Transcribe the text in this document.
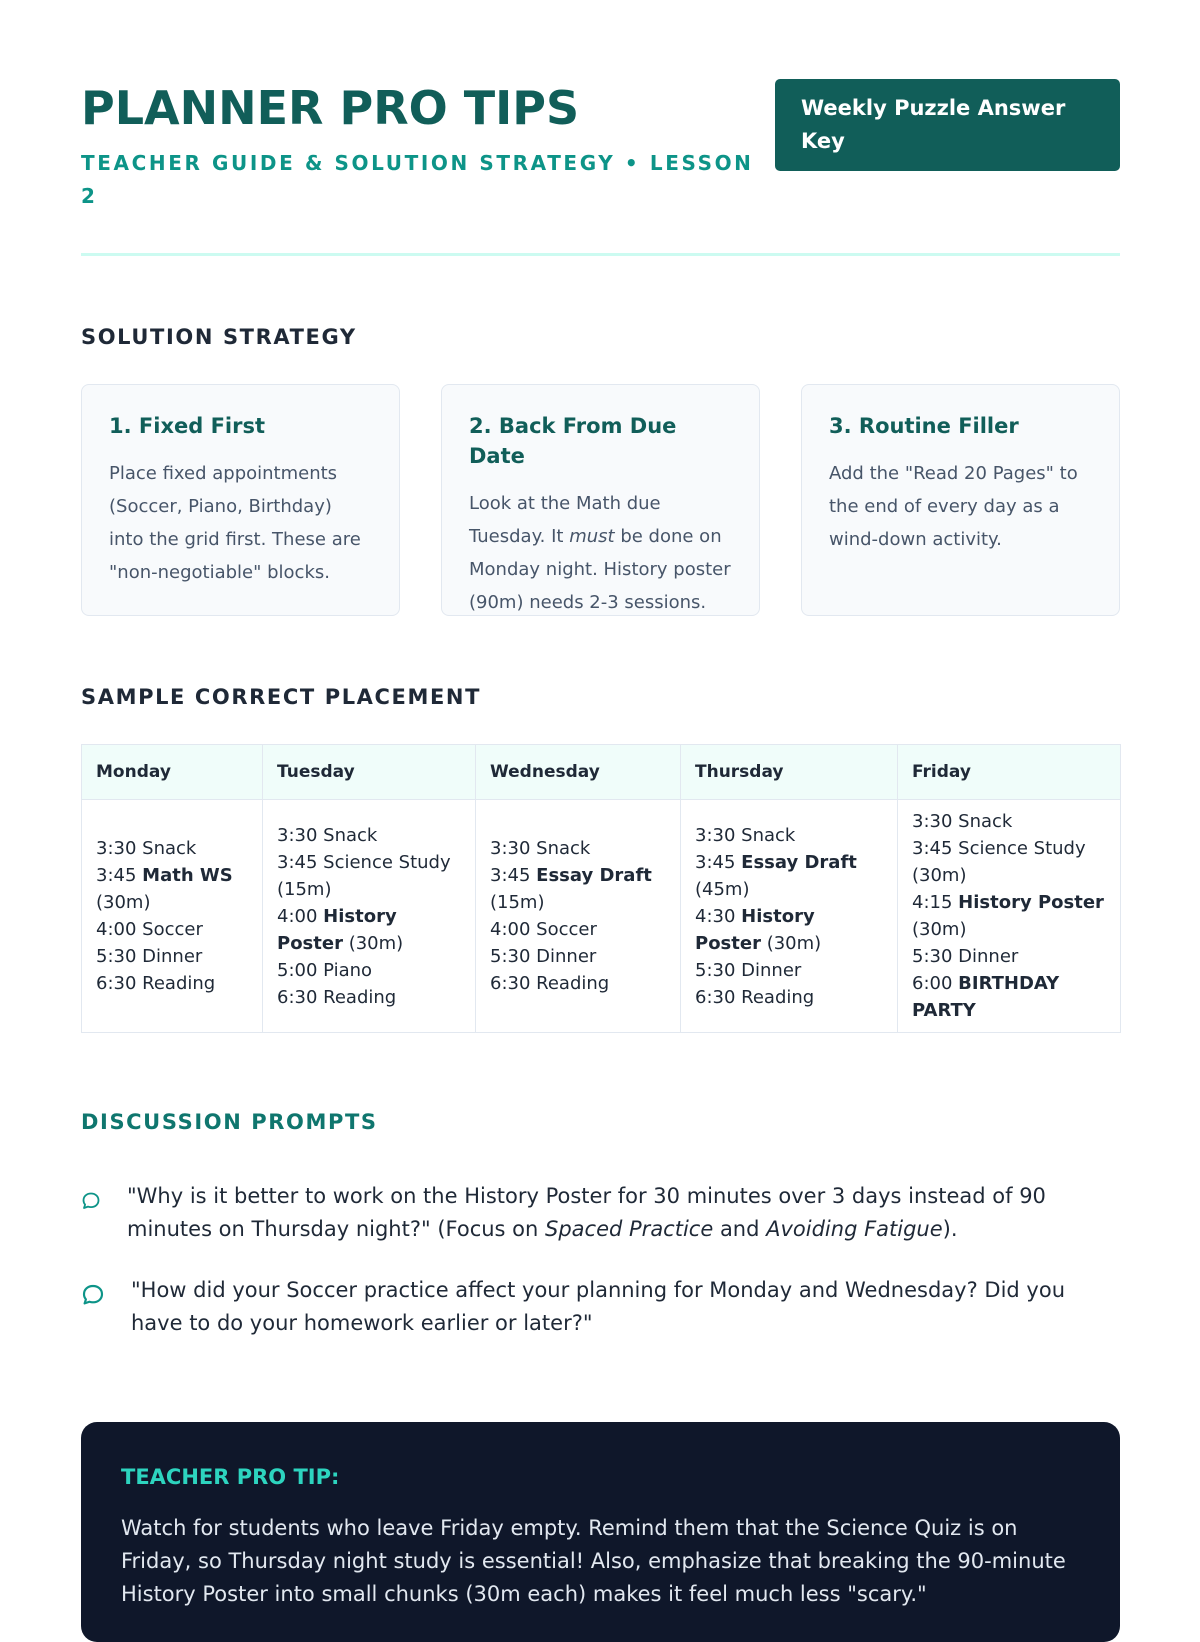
PLANNER PRO TIPS
TEACHER GUIDE & SOLUTION STRATEGY • LESSON 2
Weekly Puzzle Answer Key
SOLUTION STRATEGY
1. Fixed First
Place fixed appointments (Soccer, Piano, Birthday) into the grid first. These are "non-negotiable" blocks.
2. Back From Due Date
Look at the Math due Tuesday. It must be done on Monday night. History poster (90m) needs 2-3 sessions.
3. Routine Filler
Add the "Read 20 Pages" to the end of every day as a wind-down activity.
SAMPLE CORRECT PLACEMENT
Monday	Tuesday	Wednesday	Thursday	Friday

3:30 Snack
3:45 Math WS (30m)
4:00 Soccer
5:30 Dinner
6:30 Reading	3:30 Snack
3:45 Science Study (15m)
4:00 History Poster (30m)
5:00 Piano
6:30 Reading	3:30 Snack
3:45 Essay Draft (15m)
4:00 Soccer
5:30 Dinner
6:30 Reading	3:30 Snack
3:45 Essay Draft (45m)
4:30 History Poster (30m)
5:30 Dinner
6:30 Reading	3:30 Snack
3:45 Science Study (30m)
4:15 History Poster (30m)
5:30 Dinner
6:00 BIRTHDAY PARTY
DISCUSSION PROMPTS
"Why is it better to work on the History Poster for 30 minutes over 3 days instead of 90 minutes on Thursday night?" (Focus on Spaced Practice and Avoiding Fatigue).
"How did your Soccer practice affect your planning for Monday and Wednesday? Did you have to do your homework earlier or later?"
TEACHER PRO TIP:
Watch for students who leave Friday empty. Remind them that the Science Quiz is on Friday, so Thursday night study is essential! Also, emphasize that breaking the 90-minute History Poster into small chunks (30m each) makes it feel much less "scary."
